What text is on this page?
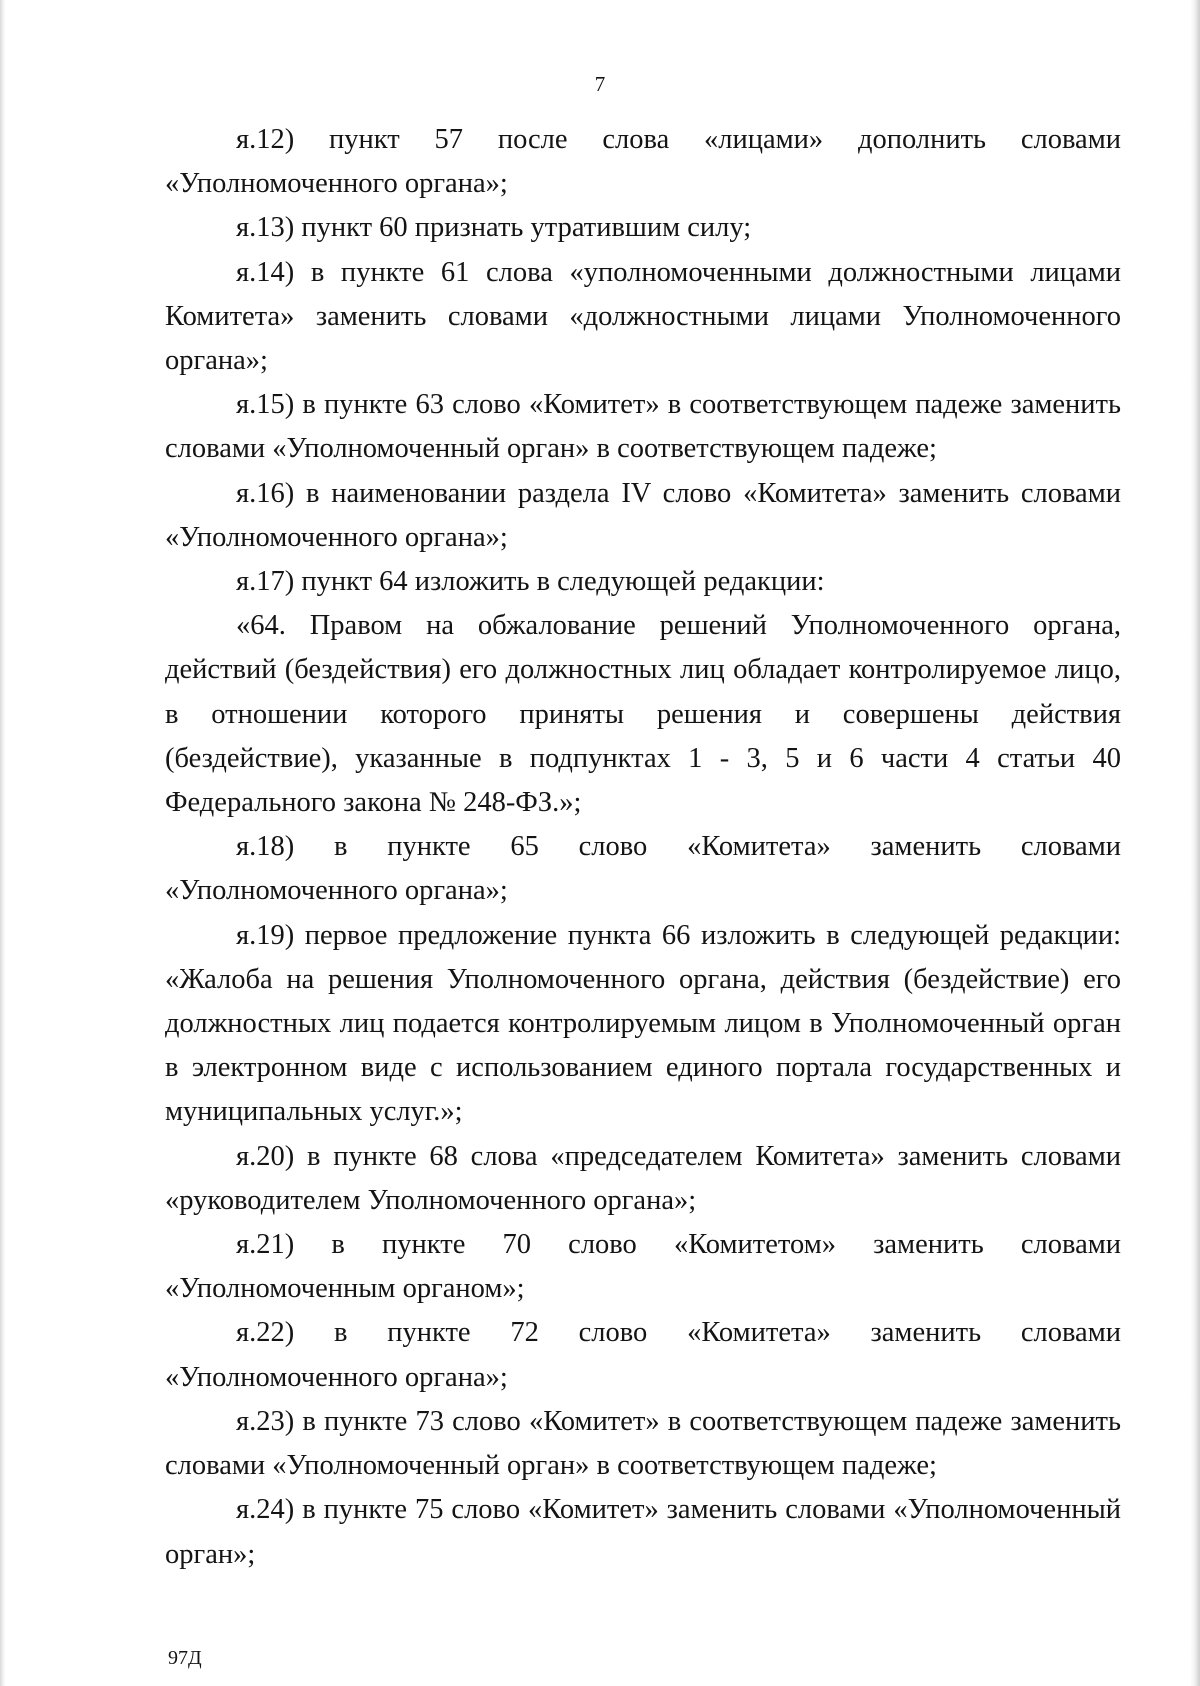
7

я.12) пункт 57 после слова «лицами» дополнить словами «Уполномоченного органа»;

я.13) пункт 60 признать утратившим силу;

я.14) в пункте 61 слова «уполномоченными должностными лицами Комитета» заменить словами «должностными лицами Уполномоченного органа»;

я.15) в пункте 63 слово «Комитет» в соответствующем падеже заменить словами «Уполномоченный орган» в соответствующем падеже;

я.16) в наименовании раздела IV слово «Комитета» заменить словами «Уполномоченного органа»;

я.17) пункт 64 изложить в следующей редакции:

«64. Правом на обжалование решений Уполномоченного органа, действий (бездействия) его должностных лиц обладает контролируемое лицо, в отношении которого приняты решения и совершены действия (бездействие), указанные в подпунктах 1 - 3, 5 и 6 части 4 статьи 40 Федерального закона № 248-ФЗ.»;

я.18) в пункте 65 слово «Комитета» заменить словами «Уполномоченного органа»;

я.19) первое предложение пункта 66 изложить в следующей редакции: «Жалоба на решения Уполномоченного органа, действия (бездействие) его должностных лиц подается контролируемым лицом в Уполномоченный орган в электронном виде с использованием единого портала государственных и муниципальных услуг.»;

я.20) в пункте 68 слова «председателем Комитета» заменить словами «руководителем Уполномоченного органа»;

я.21) в пункте 70 слово «Комитетом» заменить словами «Уполномоченным органом»;

я.22) в пункте 72 слово «Комитета» заменить словами «Уполномоченного органа»;

я.23) в пункте 73 слово «Комитет» в соответствующем падеже заменить словами «Уполномоченный орган» в соответствующем падеже;

я.24) в пункте 75 слово «Комитет» заменить словами «Уполномоченный орган»;

97Д
